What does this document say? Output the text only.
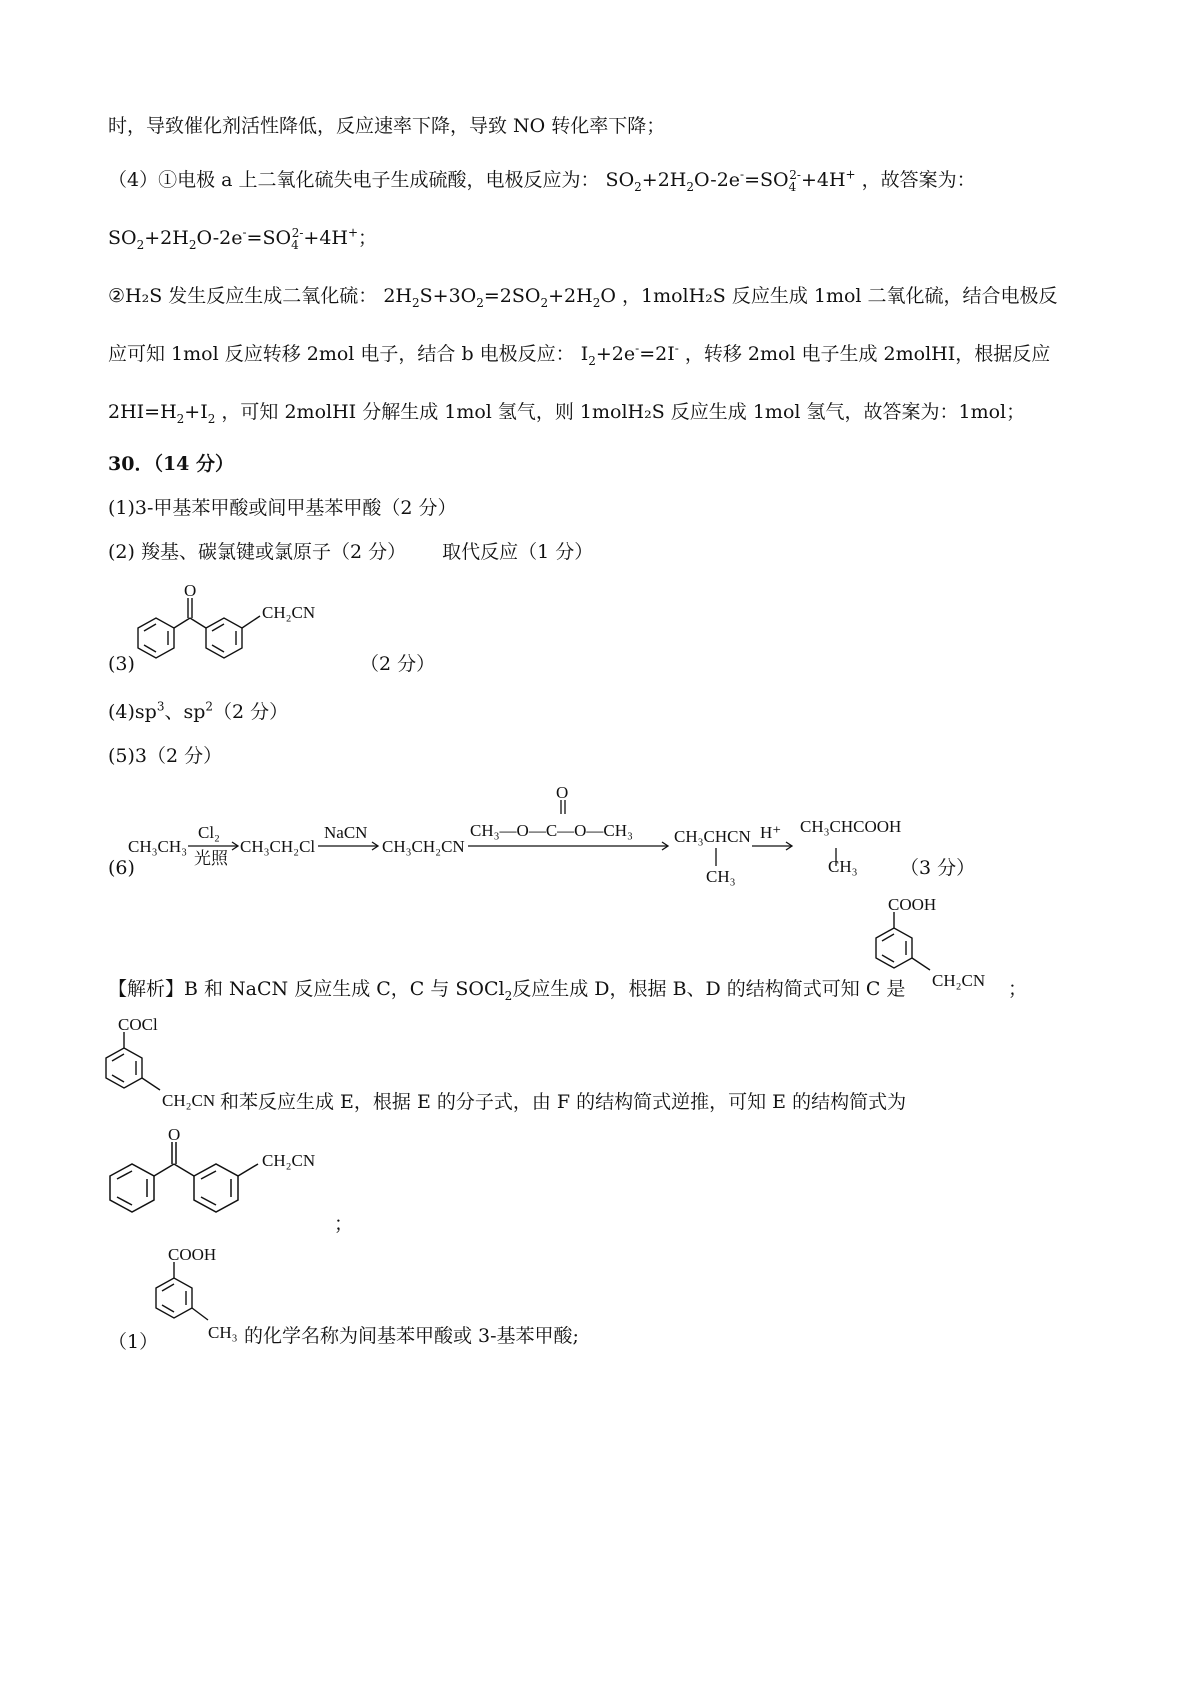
时，导致催化剂活性降低，反应速率下降，导致 NO 转化率下降；
（4）①电极 a 上二氧化硫失电子生成硫酸，电极反应为： $SO_2+2H_2O-2e^-=SO_4^{2-}+4H^+$ ，故答案为：
$SO_2+2H_2O-2e^-=SO_4^{2-}+4H^+$；
②H₂S 发生反应生成二氧化硫： $2H_2S+3O_2=2SO_2+2H_2O$ ，1molH₂S 反应生成 1mol 二氧化硫，结合电极反
应可知 1mol 反应转移 2mol 电子，结合 b 电极反应： $I_2+2e^-=2I^-$ ，转移 2mol 电子生成 2molHI，根据反应
$2HI=H_2+I_2$ ，可知 2molHI 分解生成 1mol 氢气，则 1molH₂S 反应生成 1mol 氢气，故答案为：1mol；
30．（14 分）
(1)3-甲基苯甲酸或间甲基苯甲酸（2 分）
(2) 羧基、碳氯键或氯原子（2 分） 取代反应（1 分）
(3)
O
CH₂CN
（2 分）
$(4)sp^3$、$sp^2(2$ 分）
(5)3（2 分）
(6)
CH₃CH₃
Cl₂
光照
CH₃CH₂Cl
NaCN
CH₃CH₂CN
CH₃—O—C—O—CH₃
O
CH₃CHCN
CH₃
H⁺ CH₃CHCOOH
CH₃ （3 分）
【解析】B 和 NaCN 反应生成 C，C 与 SOCl$_2$反应生成 D，根据 B、D 的结构简式可知 C 是
COOH
CH₂CN ；
COCl
CH₂CN 和苯反应生成 E，根据 E 的分子式，由 F 的结构简式逆推，可知 E 的结构简式为
O
CH₂CN
；
（1）
COOH
CH₃ 的化学名称为间基苯甲酸或 3-基苯甲酸;
